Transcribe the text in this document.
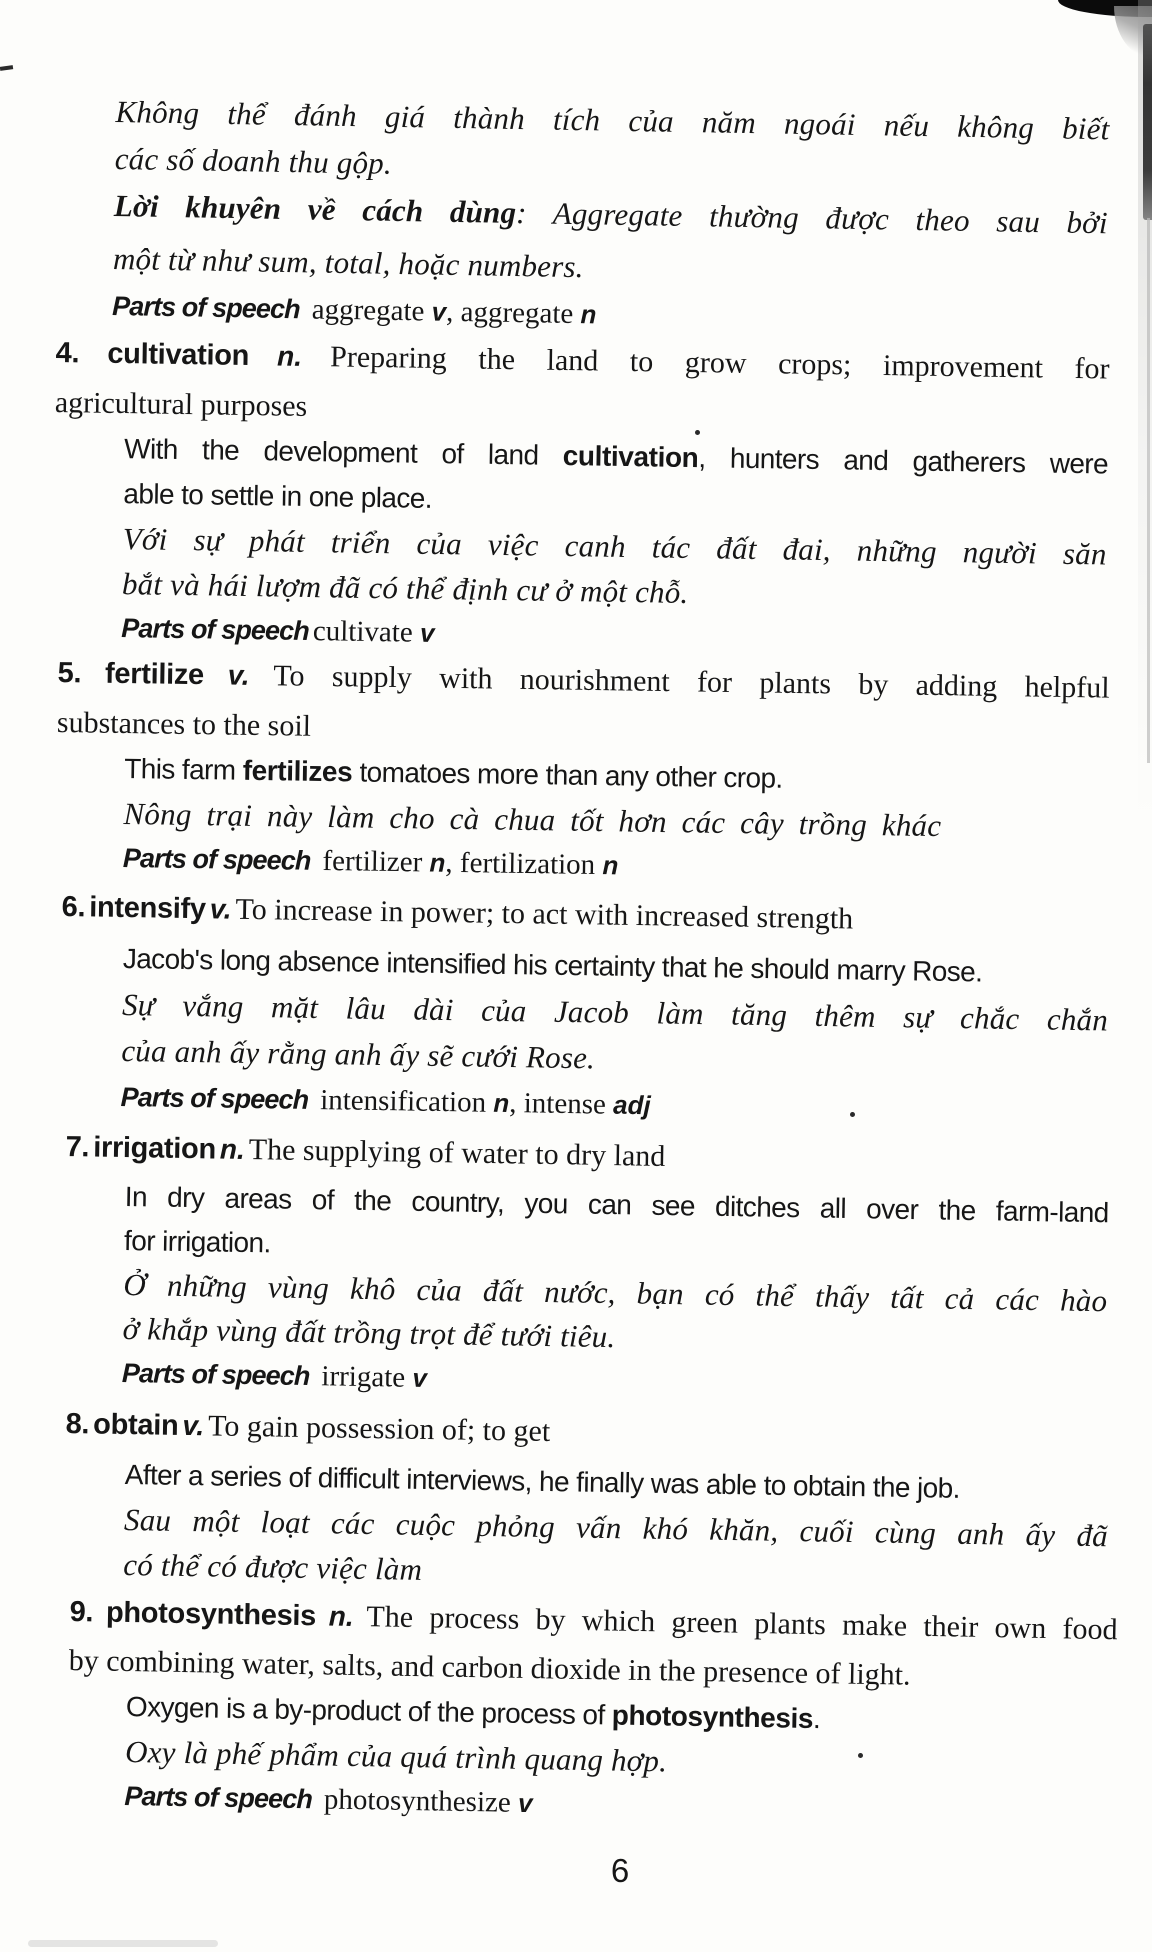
Không thể đánh giá thành tích của năm ngoái nếu không biết
các số doanh thu gộp.
Lời khuyên về cách dùng: Aggregate thường được theo sau bởi
một từ như sum, total, hoặc numbers.
Parts of speech aggregate v, aggregate n
4. cultivation n. Preparing the land to grow crops; improvement for
agricultural purposes
With the development of land cultivation, hunters and gatherers were
able to settle in one place.
Với sự phát triển của việc canh tác đất đai, những người săn
bắt và hái lượm đã có thể định cư ở một chỗ.
Parts of speech cultivate v
5. fertilize v. To supply with nourishment for plants by adding helpful
substances to the soil
This farm fertilizes tomatoes more than any other crop.
Nông trại này làm cho cà chua tốt hơn các cây trồng khác
Parts of speech fertilizer n, fertilization n
6. intensify v. To increase in power; to act with increased strength
Jacob's long absence intensified his certainty that he should marry Rose.
Sự vắng mặt lâu dài của Jacob làm tăng thêm sự chắc chắn
của anh ấy rằng anh ấy sẽ cưới Rose.
Parts of speech intensification n, intense adj
7. irrigation n. The supplying of water to dry land
In dry areas of the country, you can see ditches all over the farm-land
for irrigation.
Ở những vùng khô của đất nước, bạn có thể thấy tất cả các hào
ở khắp vùng đất trồng trọt để tưới tiêu.
Parts of speech irrigate v
8. obtain v. To gain possession of; to get
After a series of difficult interviews, he finally was able to obtain the job.
Sau một loạt các cuộc phỏng vấn khó khăn, cuối cùng anh ấy đã
có thể có được việc làm
9. photosynthesis n. The process by which green plants make their own food
by combining water, salts, and carbon dioxide in the presence of light.
Oxygen is a by-product of the process of photosynthesis.
Oxy là phế phẩm của quá trình quang hợp.
Parts of speech photosynthesize v
6
